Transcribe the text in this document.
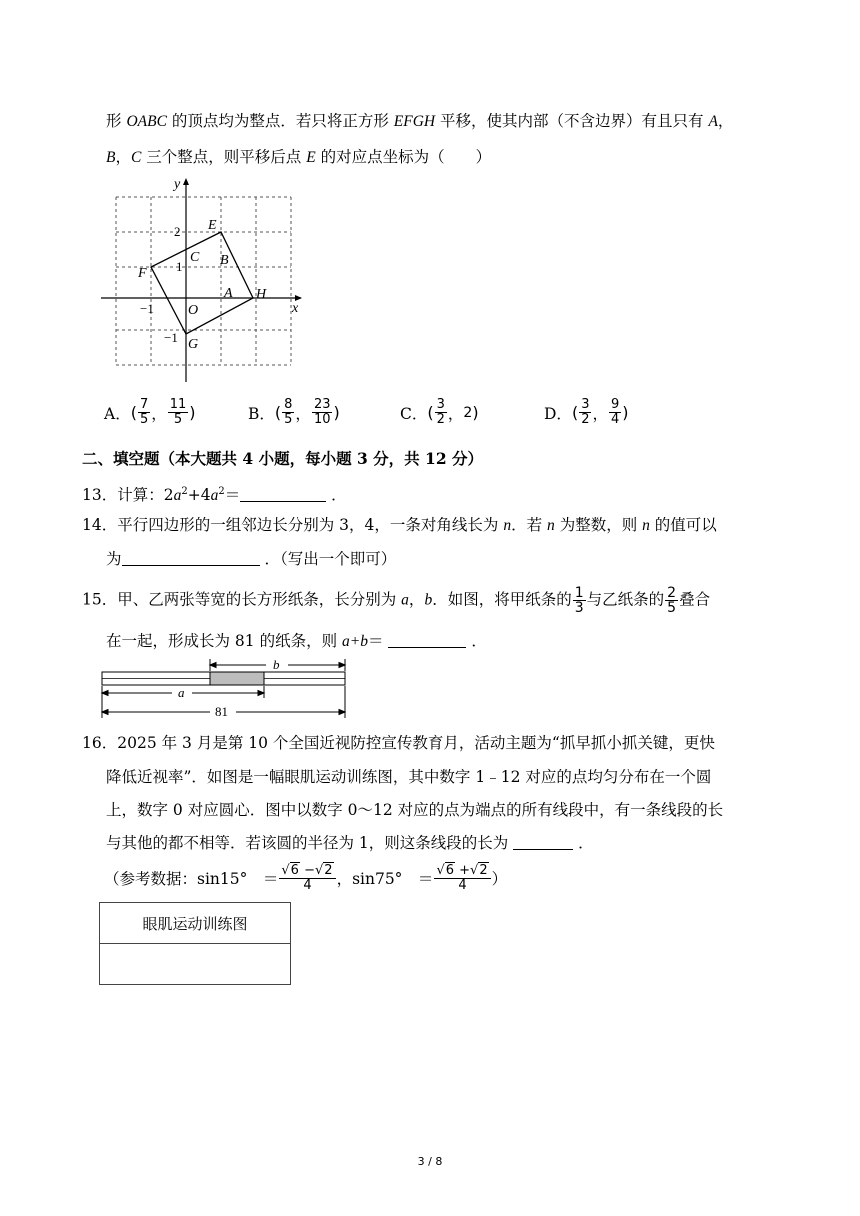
形 OABC 的顶点均为整点．若只将正方形 EFGH 平移，使其内部（不含边界）有且只有 A，
B，C 三个整点，则平移后点 E 的对应点坐标为（　　）
y
x
E
F
G
H
A
B
C
O
2
1
−1
−1
A． ( $\frac{7}{5}$ ， $\frac{11}{5}$ )	B． ( $\frac{8}{5}$ ， $\frac{23}{10}$ )	C． ( $\frac{3}{2}$ ， 2 )	D． ( $\frac{3}{2}$ ， $\frac{9}{4}$ )
二、填空题（本大题共 4 小题，每小题 3 分，共 12 分）
13．计算：$2a^2+4a^2=$	．
14．平行四边形的一组邻边长分别为 3，4，一条对角线长为 n．若 n 为整数，则 n 的值可以
为	．（写出一个即可）
15．甲、乙两张等宽的长方形纸条，长分别为 a，b．如图，将甲纸条的 $\frac{1}{3}$ 与乙纸条的 $\frac{2}{5}$ 叠合
在一起，形成长为 81 的纸条，则 a+b＝	．
b
a
81
16．2025 年 3 月是第 10 个全国近视防控宣传教育月，活动主题为“抓早抓小抓关键，更快
降低近视率”．如图是一幅眼肌运动训练图，其中数字 1﹣12 对应的点均匀分布在一个圆
上，数字 0 对应圆心．图中以数字 0～12 对应的点为端点的所有线段中，有一条线段的长
与其他的都不相等．若该圆的半径为 1，则这条线段的长为	．
（参考数据：sin15°　＝ $\frac{√6 -√2}{4}$ ，sin75°　＝ $\frac{√6 +√2}{4}$ ）
眼肌运动训练图

3 / 8
